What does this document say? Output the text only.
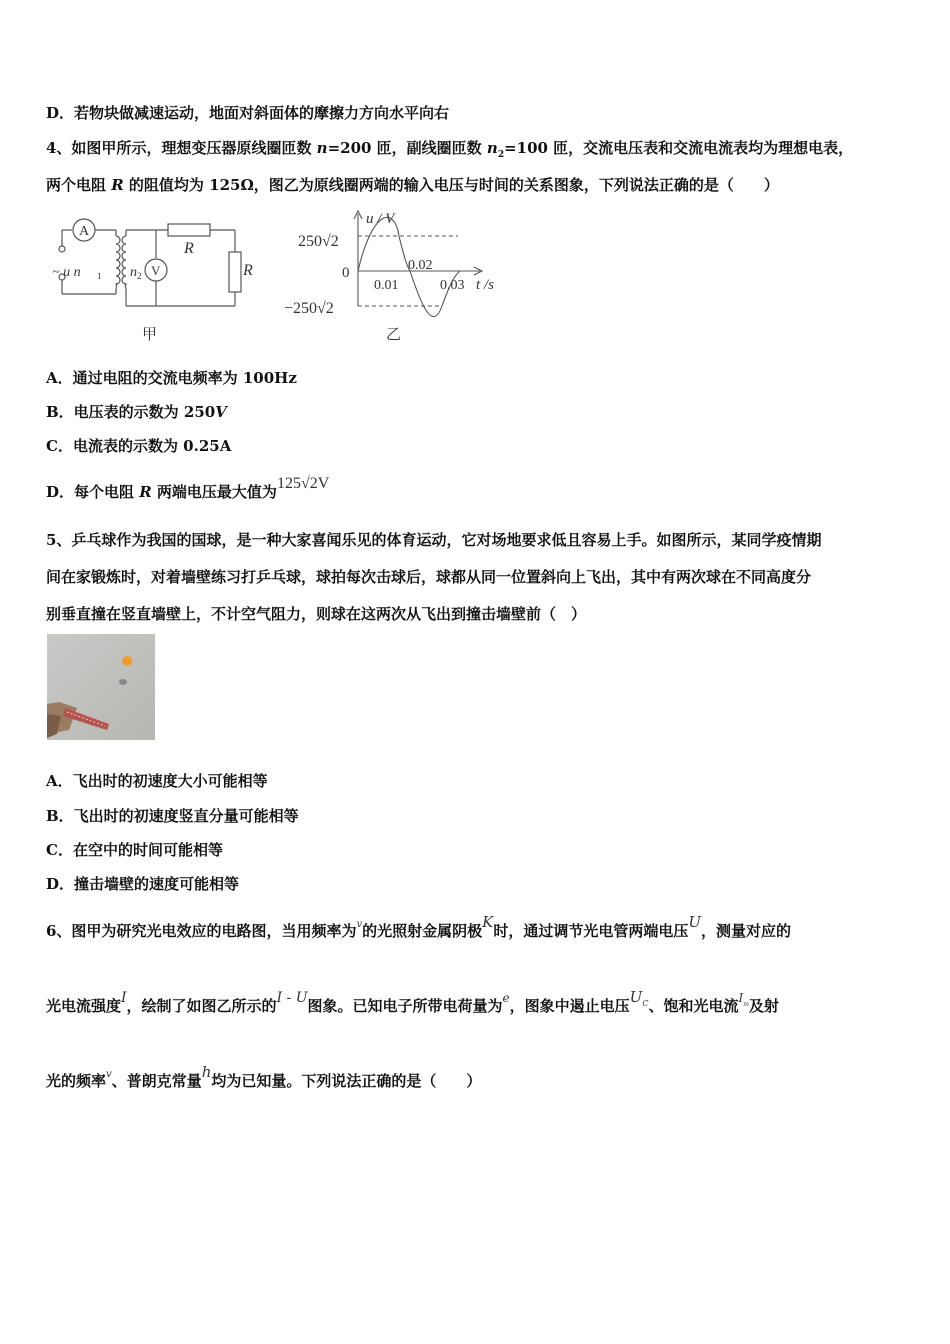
D．若物块做减速运动，地面对斜面体的摩擦力方向水平向右
4、如图甲所示，理想变压器原线圈匝数 n=200 匝，副线圈匝数 $n_2=100$ 匝，交流电压表和交流电流表均为理想电表，
两个电阻 R 的阻值均为 125Ω，图乙为原线圈两端的输入电压与时间的关系图象，下列说法正确的是（　　）
A
V
~ u n 1 n 2
R
R
甲
u / V
250√2
0
−250√2
0.01
0.02
0.03 t /s
乙
A．通过电阻的交流电频率为 100Hz
B．电压表的示数为 250V
C．电流表的示数为 0.25A
D．每个电阻 R 两端电压最大值为125√2V
5、乒乓球作为我国的国球，是一种大家喜闻乐见的体育运动，它对场地要求低且容易上手。如图所示，某同学疫情期
间在家锻炼时，对着墙壁练习打乒乓球，球拍每次击球后，球都从同一位置斜向上飞出，其中有两次球在不同高度分
别垂直撞在竖直墙壁上，不计空气阻力，则球在这两次从飞出到撞击墙壁前（　）
A．飞出时的初速度大小可能相等
B．飞出时的初速度竖直分量可能相等
C．在空中的时间可能相等
D．撞击墙壁的速度可能相等
6、图甲为研究光电效应的电路图，当用频率为$^v$的光照射金属阴极K时，通过调节光电管两端电压U，测量对应的
光电流强度I，绘制了如图乙所示的I - U图象。已知电子所带电荷量为$^e$，图象中遏止电压$U^C$、饱和光电流$^{Im}$及射
光的频率$^v$、普朗克常量h均为已知量。下列说法正确的是（　　）
